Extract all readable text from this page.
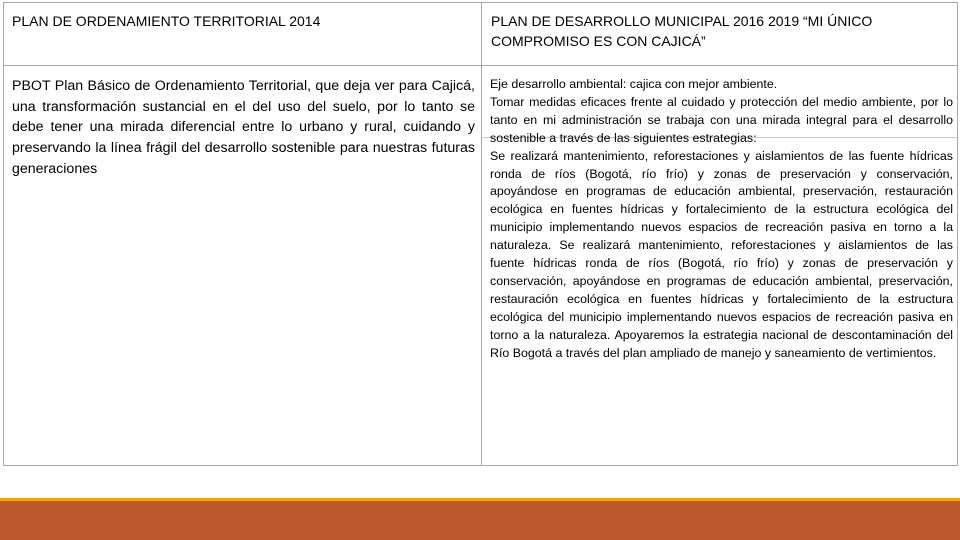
PLAN DE ORDENAMIENTO TERRITORIAL 2014	PLAN DE DESARROLLO MUNICIPAL 2016 2019 “MI ÚNICO COMPROMISO ES CON CAJICÁ”
PBOT Plan Básico de Ordenamiento Territorial, que deja ver para Cajicá, una transformación sustancial en el del uso del suelo, por lo tanto se debe tener una mirada diferencial entre lo urbano y rural, cuidando y preservando la línea frágil del desarrollo sostenible para nuestras futuras generaciones

Eje desarrollo ambiental: cajica con mejor ambiente.

Tomar medidas eficaces frente al cuidado y protección del medio ambiente, por lo tanto en mi administración se trabaja con una mirada integral para el desarrollo sostenible a través de las siguientes estrategias:

Se realizará mantenimiento, reforestaciones y aislamientos de las fuente hídricas ronda de ríos (Bogotá, río frío) y zonas de preservación y conservación, apoyándose en programas de educación ambiental, preservación, restauración ecológica en fuentes hídricas y fortalecimiento de la estructura ecológica del municipio implementando nuevos espacios de recreación pasiva en torno a la naturaleza. Se realizará mantenimiento, reforestaciones y aislamientos de las fuente hídricas ronda de ríos (Bogotá, río frío) y zonas de preservación y conservación, apoyándose en programas de educación ambiental, preservación, restauración ecológica en fuentes hídricas y fortalecimiento de la estructura ecológica del municipio implementando nuevos espacios de recreación pasiva en torno a la naturaleza. Apoyaremos la estrategia nacional de descontaminación del Río Bogotá a través del plan ampliado de manejo y saneamiento de vertimientos.
